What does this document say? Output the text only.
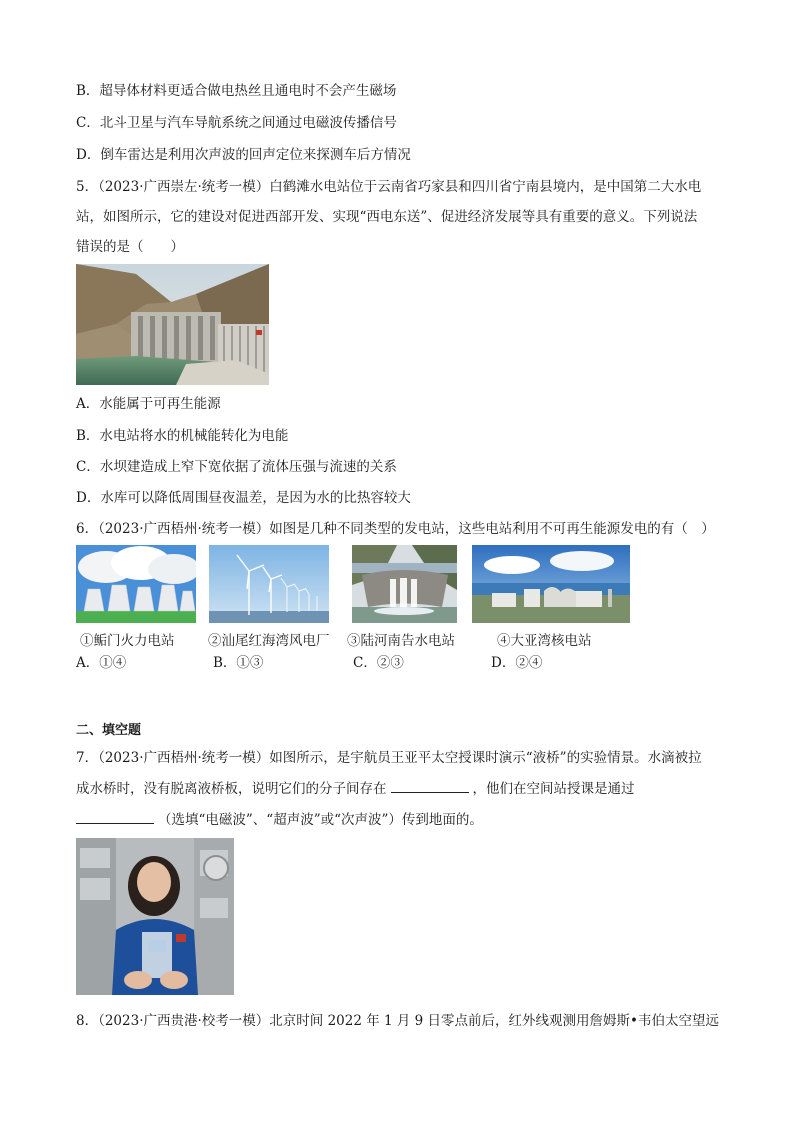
B．超导体材料更适合做电热丝且通电时不会产生磁场
C．北斗卫星与汽车导航系统之间通过电磁波传播信号
D．倒车雷达是利用次声波的回声定位来探测车后方情况
5．（2023·广西崇左·统考一模）白鹤滩水电站位于云南省巧家县和四川省宁南县境内，是中国第二大水电
站，如图所示，它的建设对促进西部开发、实现“西电东送”、促进经济发展等具有重要的意义。下列说法
错误的是（　　）
A．水能属于可再生能源
B．水电站将水的机械能转化为电能
C．水坝建造成上窄下宽依据了流体压强与流速的关系
D．水库可以降低周围昼夜温差，是因为水的比热容较大
6．（2023·广西梧州·统考一模）如图是几种不同类型的发电站，这些电站利用不可再生能源发电的有（　）
①鲘门火力电站 ②汕尾红海湾风电厂 ③陆河南告水电站	④大亚湾核电站
A．①④	B．①③	C．②③	D．②④
二、填空题
7．（2023·广西梧州·统考一模）如图所示，是宇航员王亚平太空授课时演示“液桥”的实验情景。水滴被拉
成水桥时，没有脱离液桥板，说明它们的分子间存在	，他们在空间站授课是通过
（选填“电磁波”、“超声波”或“次声波”）传到地面的。
8．（2023·广西贵港·校考一模）北京时间 2022 年 1 月 9 日零点前后，红外线观测用詹姆斯•韦伯太空望远
